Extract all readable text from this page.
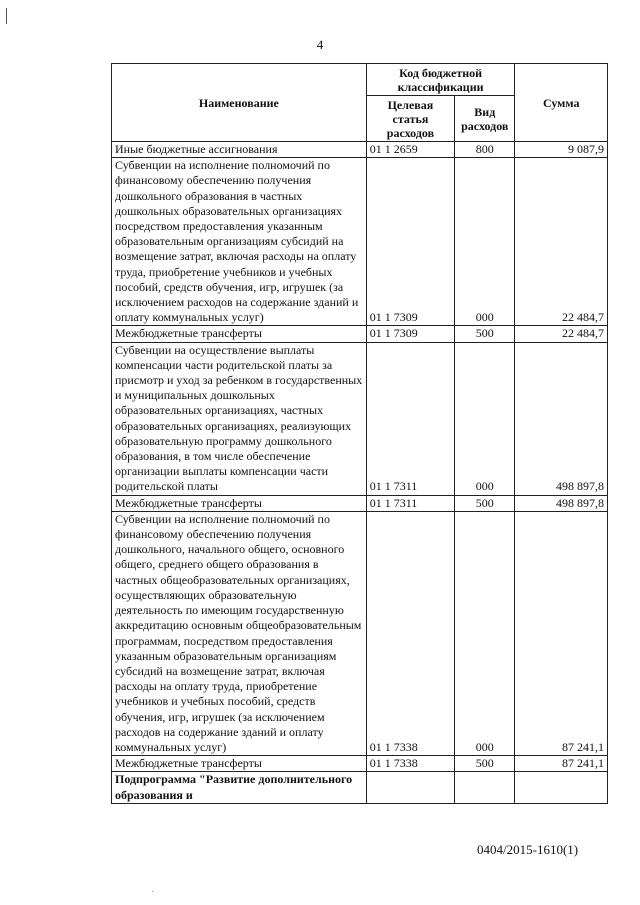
4
Наименование	Код бюджетной классификации		Сумма
	Целевая статья расходов	Вид расходов	
Иные бюджетные ассигнования	01 1 2659	800	9 087,9
Субвенции на исполнение полномочий по финансовому обеспечению получения дошкольного образования в частных дошкольных образовательных организациях посредством предоставления указанным образовательным организациям субсидий на возмещение затрат, включая расходы на оплату труда, приобретение учебников и учебных пособий, средств обучения, игр, игрушек (за исключением расходов на содержание зданий и оплату коммунальных услуг)	01 1 7309	000	22 484,7
Межбюджетные трансферты	01 1 7309	500	22 484,7
Субвенции на осуществление выплаты компенсации части родительской платы за присмотр и уход за ребенком в государственных и муниципальных дошкольных образовательных организациях, частных образовательных организациях, реализующих образовательную программу дошкольного образования, в том числе обеспечение организации выплаты компенсации части родительской платы	01 1 7311	000	498 897,8
Межбюджетные трансферты	01 1 7311	500	498 897,8
Субвенции на исполнение полномочий по финансовому обеспечению получения дошкольного, начального общего, основного общего, среднего общего образования в частных общеобразовательных организациях, осуществляющих образовательную деятельность по имеющим государственную аккредитацию основным общеобразовательным программам, посредством предоставления указанным образовательным организациям субсидий на возмещение затрат, включая расходы на оплату труда, приобретение учебников и учебных пособий, средств обучения, игр, игрушек (за исключением расходов на содержание зданий и оплату коммунальных услуг)	01 1 7338	000	87 241,1
Межбюджетные трансферты	01 1 7338	500	87 241,1
Подпрограмма "Развитие дополнительного образования и			
0404/2015-1610(1)
